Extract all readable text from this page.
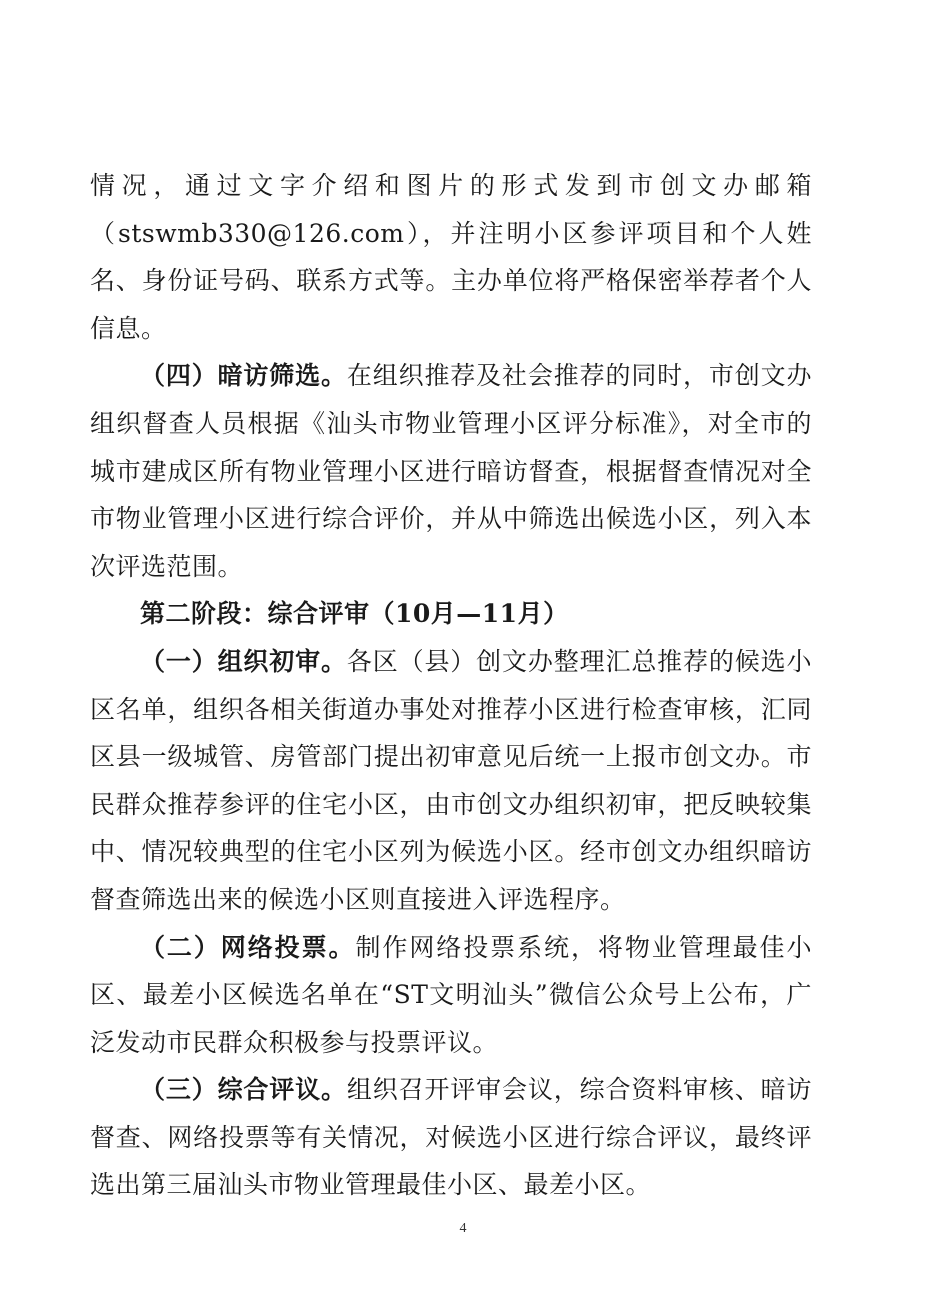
情况，通过文字介绍和图片的形式发到市创文办邮箱（stswmb330@126.com），并注明小区参评项目和个人姓名、身份证号码、联系方式等。主办单位将严格保密举荐者个人信息。

（四）暗访筛选。在组织推荐及社会推荐的同时，市创文办组织督查人员根据《汕头市物业管理小区评分标准》，对全市的城市建成区所有物业管理小区进行暗访督查，根据督查情况对全市物业管理小区进行综合评价，并从中筛选出候选小区，列入本次评选范围。

第二阶段：综合评审（10月—11月）

（一）组织初审。各区（县）创文办整理汇总推荐的候选小区名单，组织各相关街道办事处对推荐小区进行检查审核，汇同区县一级城管、房管部门提出初审意见后统一上报市创文办。市民群众推荐参评的住宅小区，由市创文办组织初审，把反映较集中、情况较典型的住宅小区列为候选小区。经市创文办组织暗访督查筛选出来的候选小区则直接进入评选程序。

（二）网络投票。制作网络投票系统，将物业管理最佳小区、最差小区候选名单在“ST文明汕头”微信公众号上公布，广泛发动市民群众积极参与投票评议。

（三）综合评议。组织召开评审会议，综合资料审核、暗访督查、网络投票等有关情况，对候选小区进行综合评议，最终评选出第三届汕头市物业管理最佳小区、最差小区。

4
